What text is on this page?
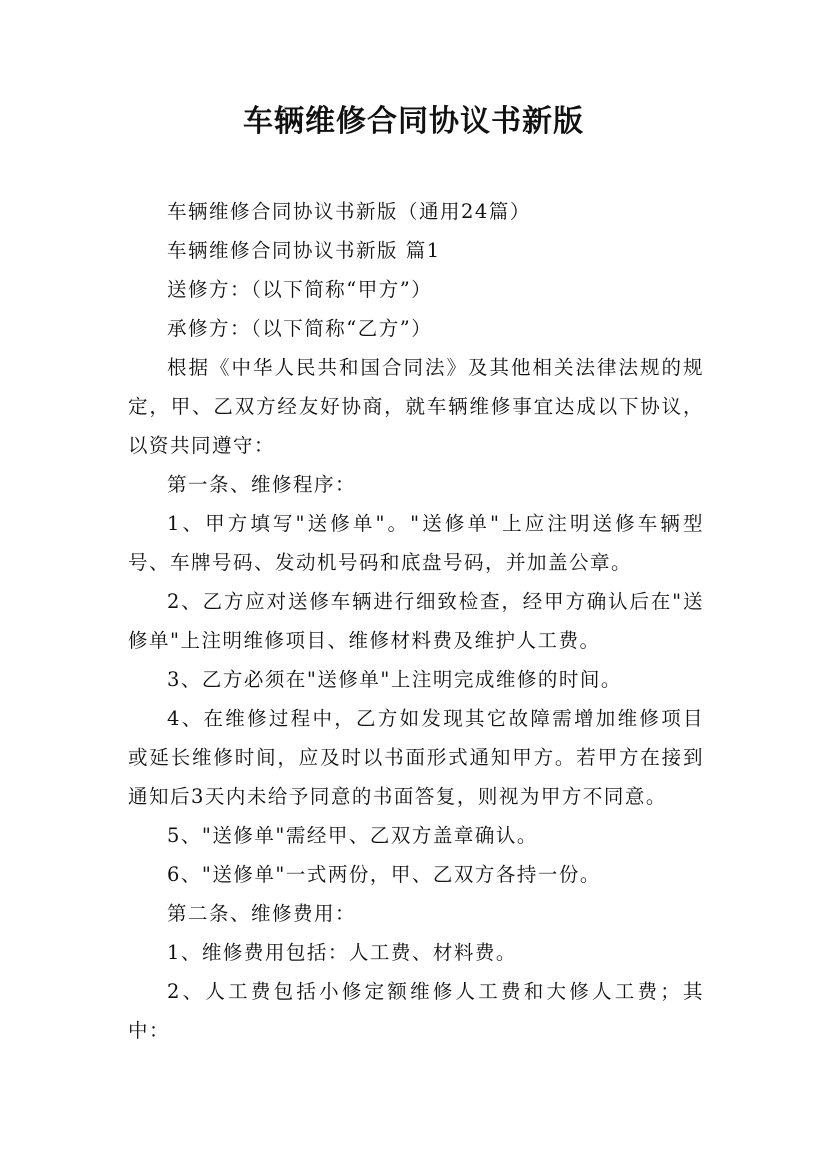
车辆维修合同协议书新版

车辆维修合同协议书新版（通用24篇）

车辆维修合同协议书新版 篇1

送修方：（以下简称“甲方”）

承修方：（以下简称“乙方”）

根据《中华人民共和国合同法》及其他相关法律法规的规定，甲、乙双方经友好协商，就车辆维修事宜达成以下协议，以资共同遵守：

第一条、维修程序：

1、甲方填写"送修单"。"送修单"上应注明送修车辆型号、车牌号码、发动机号码和底盘号码，并加盖公章。

2、乙方应对送修车辆进行细致检查，经甲方确认后在"送修单"上注明维修项目、维修材料费及维护人工费。

3、乙方必须在"送修单"上注明完成维修的时间。

4、在维修过程中，乙方如发现其它故障需增加维修项目或延长维修时间，应及时以书面形式通知甲方。若甲方在接到通知后3天内未给予同意的书面答复，则视为甲方不同意。

5、"送修单"需经甲、乙双方盖章确认。

6、"送修单"一式两份，甲、乙双方各持一份。

第二条、维修费用：

1、维修费用包括：人工费、材料费。

2、人工费包括小修定额维修人工费和大修人工费；其中：
